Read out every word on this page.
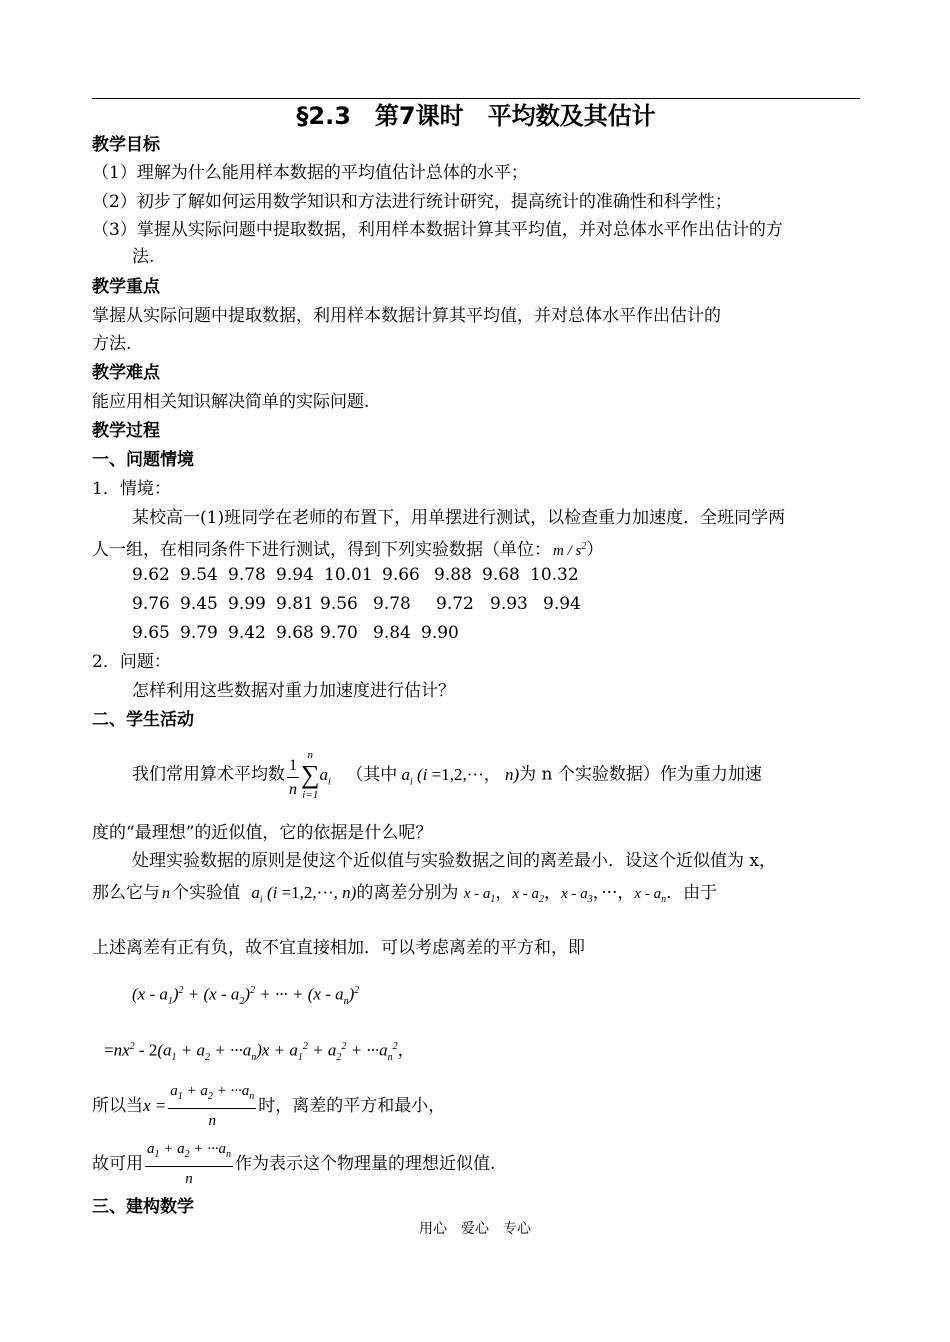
§2.3　第7课时　平均数及其估计
教学目标
（1）理解为什么能用样本数据的平均值估计总体的水平；
（2）初步了解如何运用数学知识和方法进行统计研究，提高统计的准确性和科学性；
（3）掌握从实际问题中提取数据，利用样本数据计算其平均值，并对总体水平作出估计的方
法.
教学重点
掌握从实际问题中提取数据，利用样本数据计算其平均值，并对总体水平作出估计的
方法.
教学难点
能应用相关知识解决简单的实际问题.
教学过程
一、问题情境
1．情境：
某校高一(1)班同学在老师的布置下，用单摆进行测试，以检查重力加速度．全班同学两
人一组，在相同条件下进行测试，得到下列实验数据（单位： m / $s^2$）
9.62 9.54 9.78 9.94 10.01 9.66 9.88 9.68 10.32
9.76 9.45 9.99 9.81 9.56 9.78 9.72 9.93 9.94
9.65 9.79 9.42 9.68 9.70 9.84 9.90
2．问题：
怎样利用这些数据对重力加速度进行估计？
二、学生活动
我们常用算术平均数 $\frac{1}{n}$ n
∑
$i=1a_i$ （其中 $a_i$ (i =1,2,···， n)为 n 个实验数据）作为重力加速
度的“最理想”的近似值，它的依据是什么呢？
处理实验数据的原则是使这个近似值与实验数据之间的离差最小．设这个近似值为 x，
那么它与 n 个实验值 $a_i$ (i =1,2,···, n)的离差分别为 x - $a_1$，x - $a_2$，x - $a_3$，···，x - $a_n$．由于
上述离差有正有负，故不宜直接相加．可以考虑离差的平方和，即
$(x - a_1)^2 + (x - a_2)^2$ + ··· + $(x - a_n)^2$
$=nx^2 - 2(a_1 + a_2 + \cdot\cdot\cdot a_n)x + a_1^2 + a_2^2 + \cdot\cdot\cdot a_n^2$，
所以当$x = \frac{a_1 + a_2 + \cdot\cdot\cdot a_n}{n}$ 时，离差的平方和最小，
故可用 $\frac{a_1 + a_2 + \cdot\cdot\cdot a_n}{n}$ 作为表示这个物理量的理想近似值.
三、建构数学
用心　爱心　专心
